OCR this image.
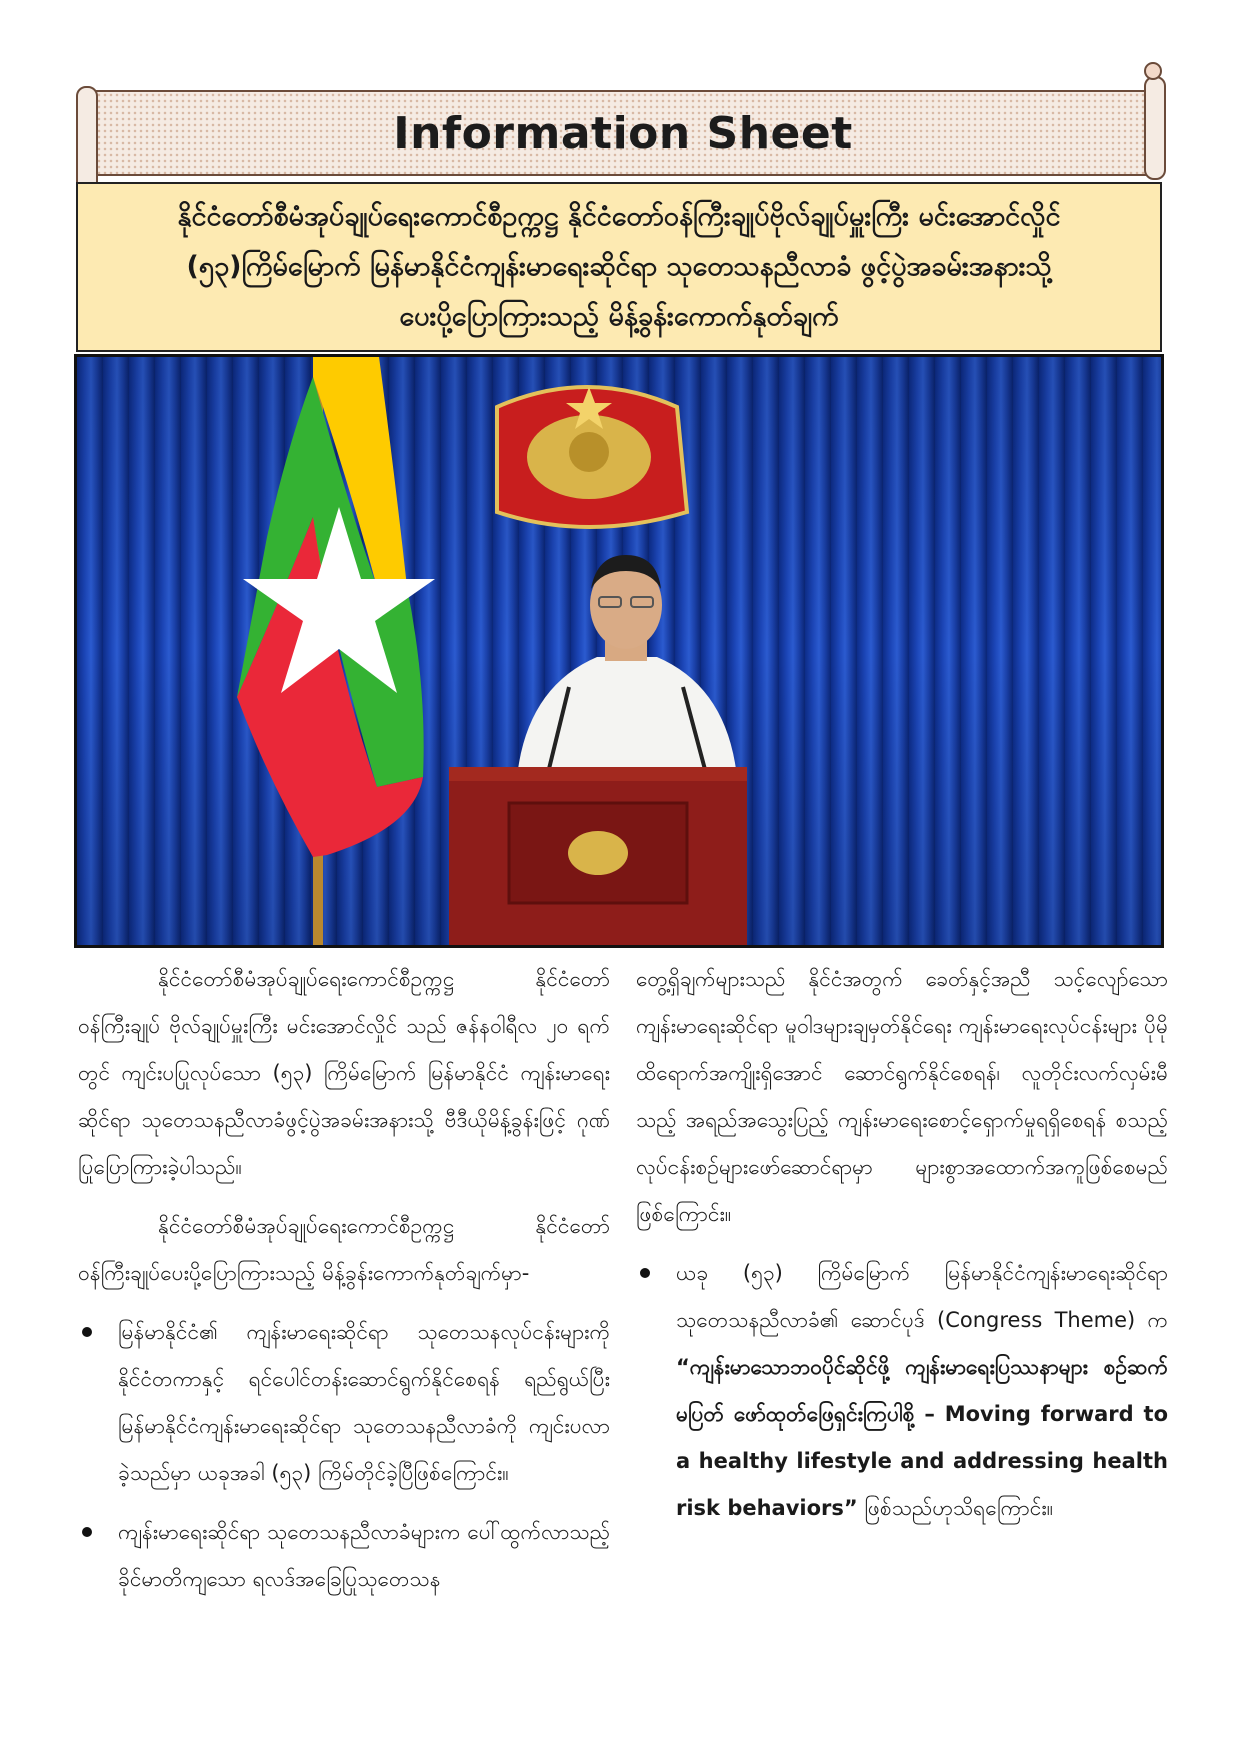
Information Sheet

နိုင်ငံတော်စီမံအုပ်ချုပ်ရေးကောင်စီဥက္ကဋ္ဌ နိုင်ငံတော်ဝန်ကြီးချုပ်ဗိုလ်ချုပ်မှူးကြီး မင်းအောင်လှိုင်

(၅၃)ကြိမ်မြောက် မြန်မာနိုင်ငံကျန်းမာရေးဆိုင်ရာ သုတေသနညီလာခံ ဖွင့်ပွဲအခမ်းအနားသို့

ပေးပို့ပြောကြားသည့် မိန့်ခွန်းကောက်နုတ်ချက်

နိုင်ငံတော်စီမံအုပ်ချုပ်ရေးကောင်စီဥက္ကဋ္ဌ နိုင်ငံတော်ဝန်ကြီးချုပ် ဗိုလ်ချုပ်မှူးကြီး မင်းအောင်လှိုင် သည် ဇန်နဝါရီလ ၂၀ ရက်တွင် ကျင်းပပြုလုပ်သော (၅၃) ကြိမ်မြောက် မြန်မာနိုင်ငံ ကျန်းမာရေးဆိုင်ရာ သုတေသနညီလာခံဖွင့်ပွဲအခမ်းအနားသို့ ဗီဒီယိုမိန့်ခွန်းဖြင့် ဂုဏ်ပြုပြောကြားခဲ့ပါသည်။

နိုင်ငံတော်စီမံအုပ်ချုပ်ရေးကောင်စီဥက္ကဋ္ဌ နိုင်ငံတော်ဝန်ကြီးချုပ်ပေးပို့ပြောကြားသည့် မိန့်ခွန်းကောက်နုတ်ချက်မှာ-

မြန်မာနိုင်ငံ၏ ကျန်းမာရေးဆိုင်ရာ သုတေသနလုပ်ငန်းများကို နိုင်ငံတကာနှင့် ရင်ပေါင်တန်းဆောင်ရွက်နိုင်စေရန် ရည်ရွယ်ပြီး မြန်မာနိုင်ငံကျန်းမာရေးဆိုင်ရာ သုတေသနညီလာခံကို ကျင်းပလာခဲ့သည်မှာ ယခုအခါ (၅၃) ကြိမ်တိုင်ခဲ့ပြီဖြစ်ကြောင်း။
ကျန်းမာရေးဆိုင်ရာ သုတေသနညီလာခံများက ပေါ်ထွက်လာသည့် ခိုင်မာတိကျသော ရလဒ်အခြေပြုသုတေသန

တွေ့ရှိချက်များသည် နိုင်ငံအတွက် ခေတ်နှင့်အညီ သင့်လျော်သော ကျန်းမာရေးဆိုင်ရာ မူဝါဒများချမှတ်နိုင်ရေး ကျန်းမာရေးလုပ်ငန်းများ ပိုမိုထိရောက်အကျိုးရှိအောင် ဆောင်ရွက်နိုင်စေရန်၊ လူတိုင်းလက်လှမ်းမီသည့် အရည်အသွေးပြည့် ကျန်းမာရေးစောင့်ရှောက်မှုရရှိစေရန် စသည့်လုပ်ငန်းစဉ်များဖော်ဆောင်ရာမှာ များစွာအထောက်အကူဖြစ်စေမည်ဖြစ်ကြောင်း။

ယခု (၅၃) ကြိမ်မြောက် မြန်မာနိုင်ငံကျန်းမာရေးဆိုင်ရာ သုတေသနညီလာခံ၏ ဆောင်ပုဒ် (Congress Theme) က “ကျန်းမာသောဘဝပိုင်ဆိုင်ဖို့ ကျန်းမာရေးပြဿနာများ စဉ်ဆက်မပြတ် ဖော်ထုတ်ဖြေရှင်းကြပါစို့ – Moving forward to a healthy lifestyle and addressing health risk behaviors” ဖြစ်သည်ဟုသိရကြောင်း။
